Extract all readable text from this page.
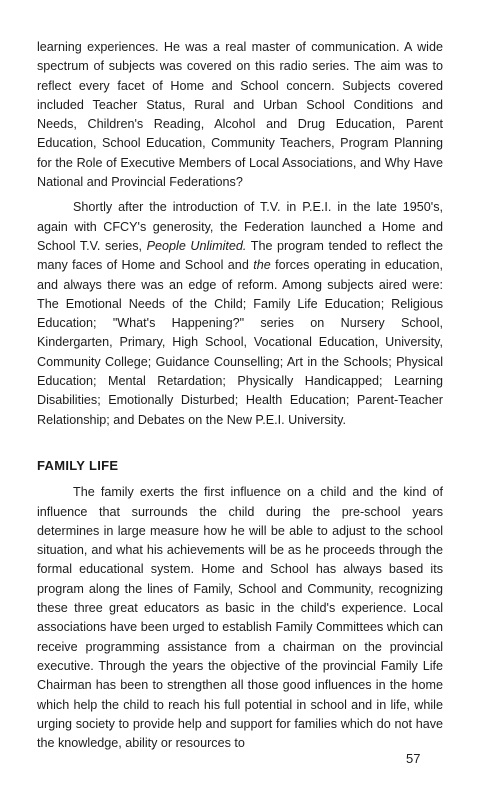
learning experiences. He was a real master of communication. A wide spectrum of subjects was covered on this radio series. The aim was to reflect every facet of Home and School concern. Subjects covered included Teacher Status, Rural and Urban School Conditions and Needs, Children's Reading, Alcohol and Drug Education, Parent Education, School Education, Community Teachers, Program Planning for the Role of Executive Members of Local Associations, and Why Have National and Provincial Federations?

Shortly after the introduction of T.V. in P.E.I. in the late 1950's, again with CFCY's generosity, the Federation launched a Home and School T.V. series, People Unlimited. The program tended to reflect the many faces of Home and School and the forces operating in education, and always there was an edge of reform. Among subjects aired were: The Emotional Needs of the Child; Family Life Education; Religious Education; "What's Happening?" series on Nursery School, Kindergarten, Primary, High School, Vocational Education, University, Community College; Guidance Counselling; Art in the Schools; Physical Education; Mental Retardation; Physically Handicapped; Learning Disabilities; Emotionally Disturbed; Health Education; Parent-Teacher Relationship; and Debates on the New P.E.I. University.

FAMILY LIFE

The family exerts the first influence on a child and the kind of influence that surrounds the child during the pre-school years determines in large measure how he will be able to adjust to the school situation, and what his achievements will be as he proceeds through the formal educational system. Home and School has always based its program along the lines of Family, School and Community, recognizing these three great educators as basic in the child's experience. Local associations have been urged to establish Family Committees which can receive programming assistance from a chairman on the provincial executive. Through the years the objective of the provincial Family Life Chairman has been to strengthen all those good influences in the home which help the child to reach his full potential in school and in life, while urging society to provide help and support for families which do not have the knowledge, ability or resources to

57
